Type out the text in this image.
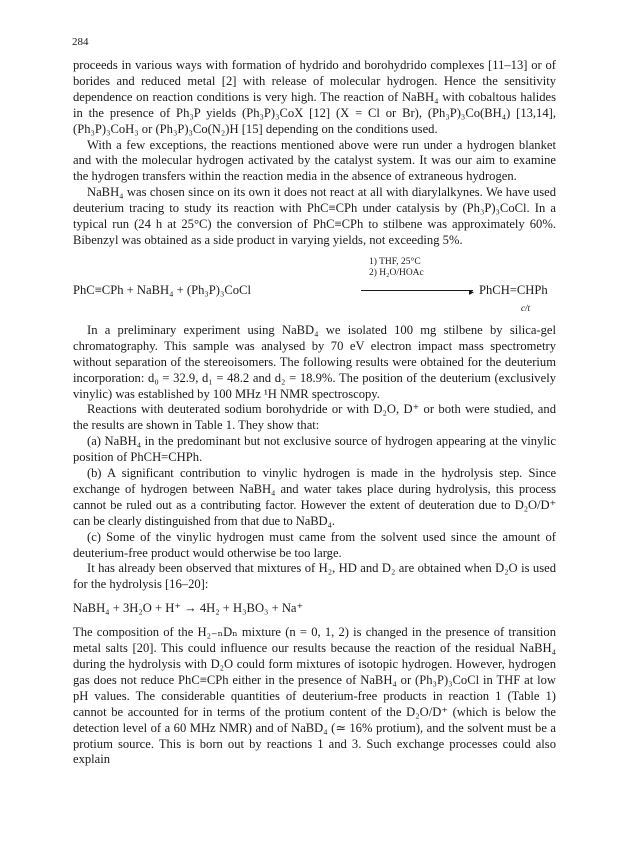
284

proceeds in various ways with formation of hydrido and borohydrido complexes [11–13] or of borides and reduced metal [2] with release of molecular hydrogen. Hence the sensitivity dependence on reaction conditions is very high. The reaction of NaBH₄ with cobaltous halides in the presence of Ph₃P yields (Ph₃P)₃CoX [12] (X = Cl or Br), (Ph₃P)₃Co(BH₄) [13,14], (Ph₃P)₃CoH₃ or (Ph₃P)₃Co(N₂)H [15] depending on the conditions used.

With a few exceptions, the reactions mentioned above were run under a hydrogen blanket and with the molecular hydrogen activated by the catalyst system. It was our aim to examine the hydrogen transfers within the reaction media in the absence of extraneous hydrogen.

NaBH₄ was chosen since on its own it does not react at all with diarylalkynes. We have used deuterium tracing to study its reaction with PhC≡CPh under catalysis by (Ph₃P)₃CoCl. In a typical run (24 h at 25°C) the conversion of PhC≡CPh to stilbene was approximately 60%. Bibenzyl was obtained as a side product in varying yields, not exceeding 5%.

PhC≡CPh + NaBH₄ + (Ph₃P)₃CoCl
1) THF, 25°C
2) H₂O/HOAc
▸ PhCH=CHPh
c/t

In a preliminary experiment using NaBD₄ we isolated 100 mg stilbene by silica-gel chromatography. This sample was analysed by 70 eV electron impact mass spectrometry without separation of the stereoisomers. The following results were obtained for the deuterium incorporation: d₀ = 32.9, d₁ = 48.2 and d₂ = 18.9%. The position of the deuterium (exclusively vinylic) was established by 100 MHz ¹H NMR spectroscopy.

Reactions with deuterated sodium borohydride or with D₂O, D⁺ or both were studied, and the results are shown in Table 1. They show that:

(a) NaBH₄ in the predominant but not exclusive source of hydrogen appearing at the vinylic position of PhCH=CHPh.

(b) A significant contribution to vinylic hydrogen is made in the hydrolysis step. Since exchange of hydrogen between NaBH₄ and water takes place during hydrolysis, this process cannot be ruled out as a contributing factor. However the extent of deuteration due to D₂O/D⁺ can be clearly distinguished from that due to NaBD₄.

(c) Some of the vinylic hydrogen must came from the solvent used since the amount of deuterium-free product would otherwise be too large.

It has already been observed that mixtures of H₂, HD and D₂ are obtained when D₂O is used for the hydrolysis [16–20]:

NaBH₄ + 3H₂O + H⁺ → 4H₂ + H₃BO₃ + Na⁺

The composition of the H₂₋ₙDₙ mixture (n = 0, 1, 2) is changed in the presence of transition metal salts [20]. This could influence our results because the reaction of the residual NaBH₄ during the hydrolysis with D₂O could form mixtures of isotopic hydrogen. However, hydrogen gas does not reduce PhC≡CPh either in the presence of NaBH₄ or (Ph₃P)₃CoCl in THF at low pH values. The considerable quantities of deuterium-free products in reaction 1 (Table 1) cannot be accounted for in terms of the protium content of the D₂O/D⁺ (which is below the detection level of a 60 MHz NMR) and of NaBD₄ (≃ 16% protium), and the solvent must be a protium source. This is born out by reactions 1 and 3. Such exchange processes could also explain
